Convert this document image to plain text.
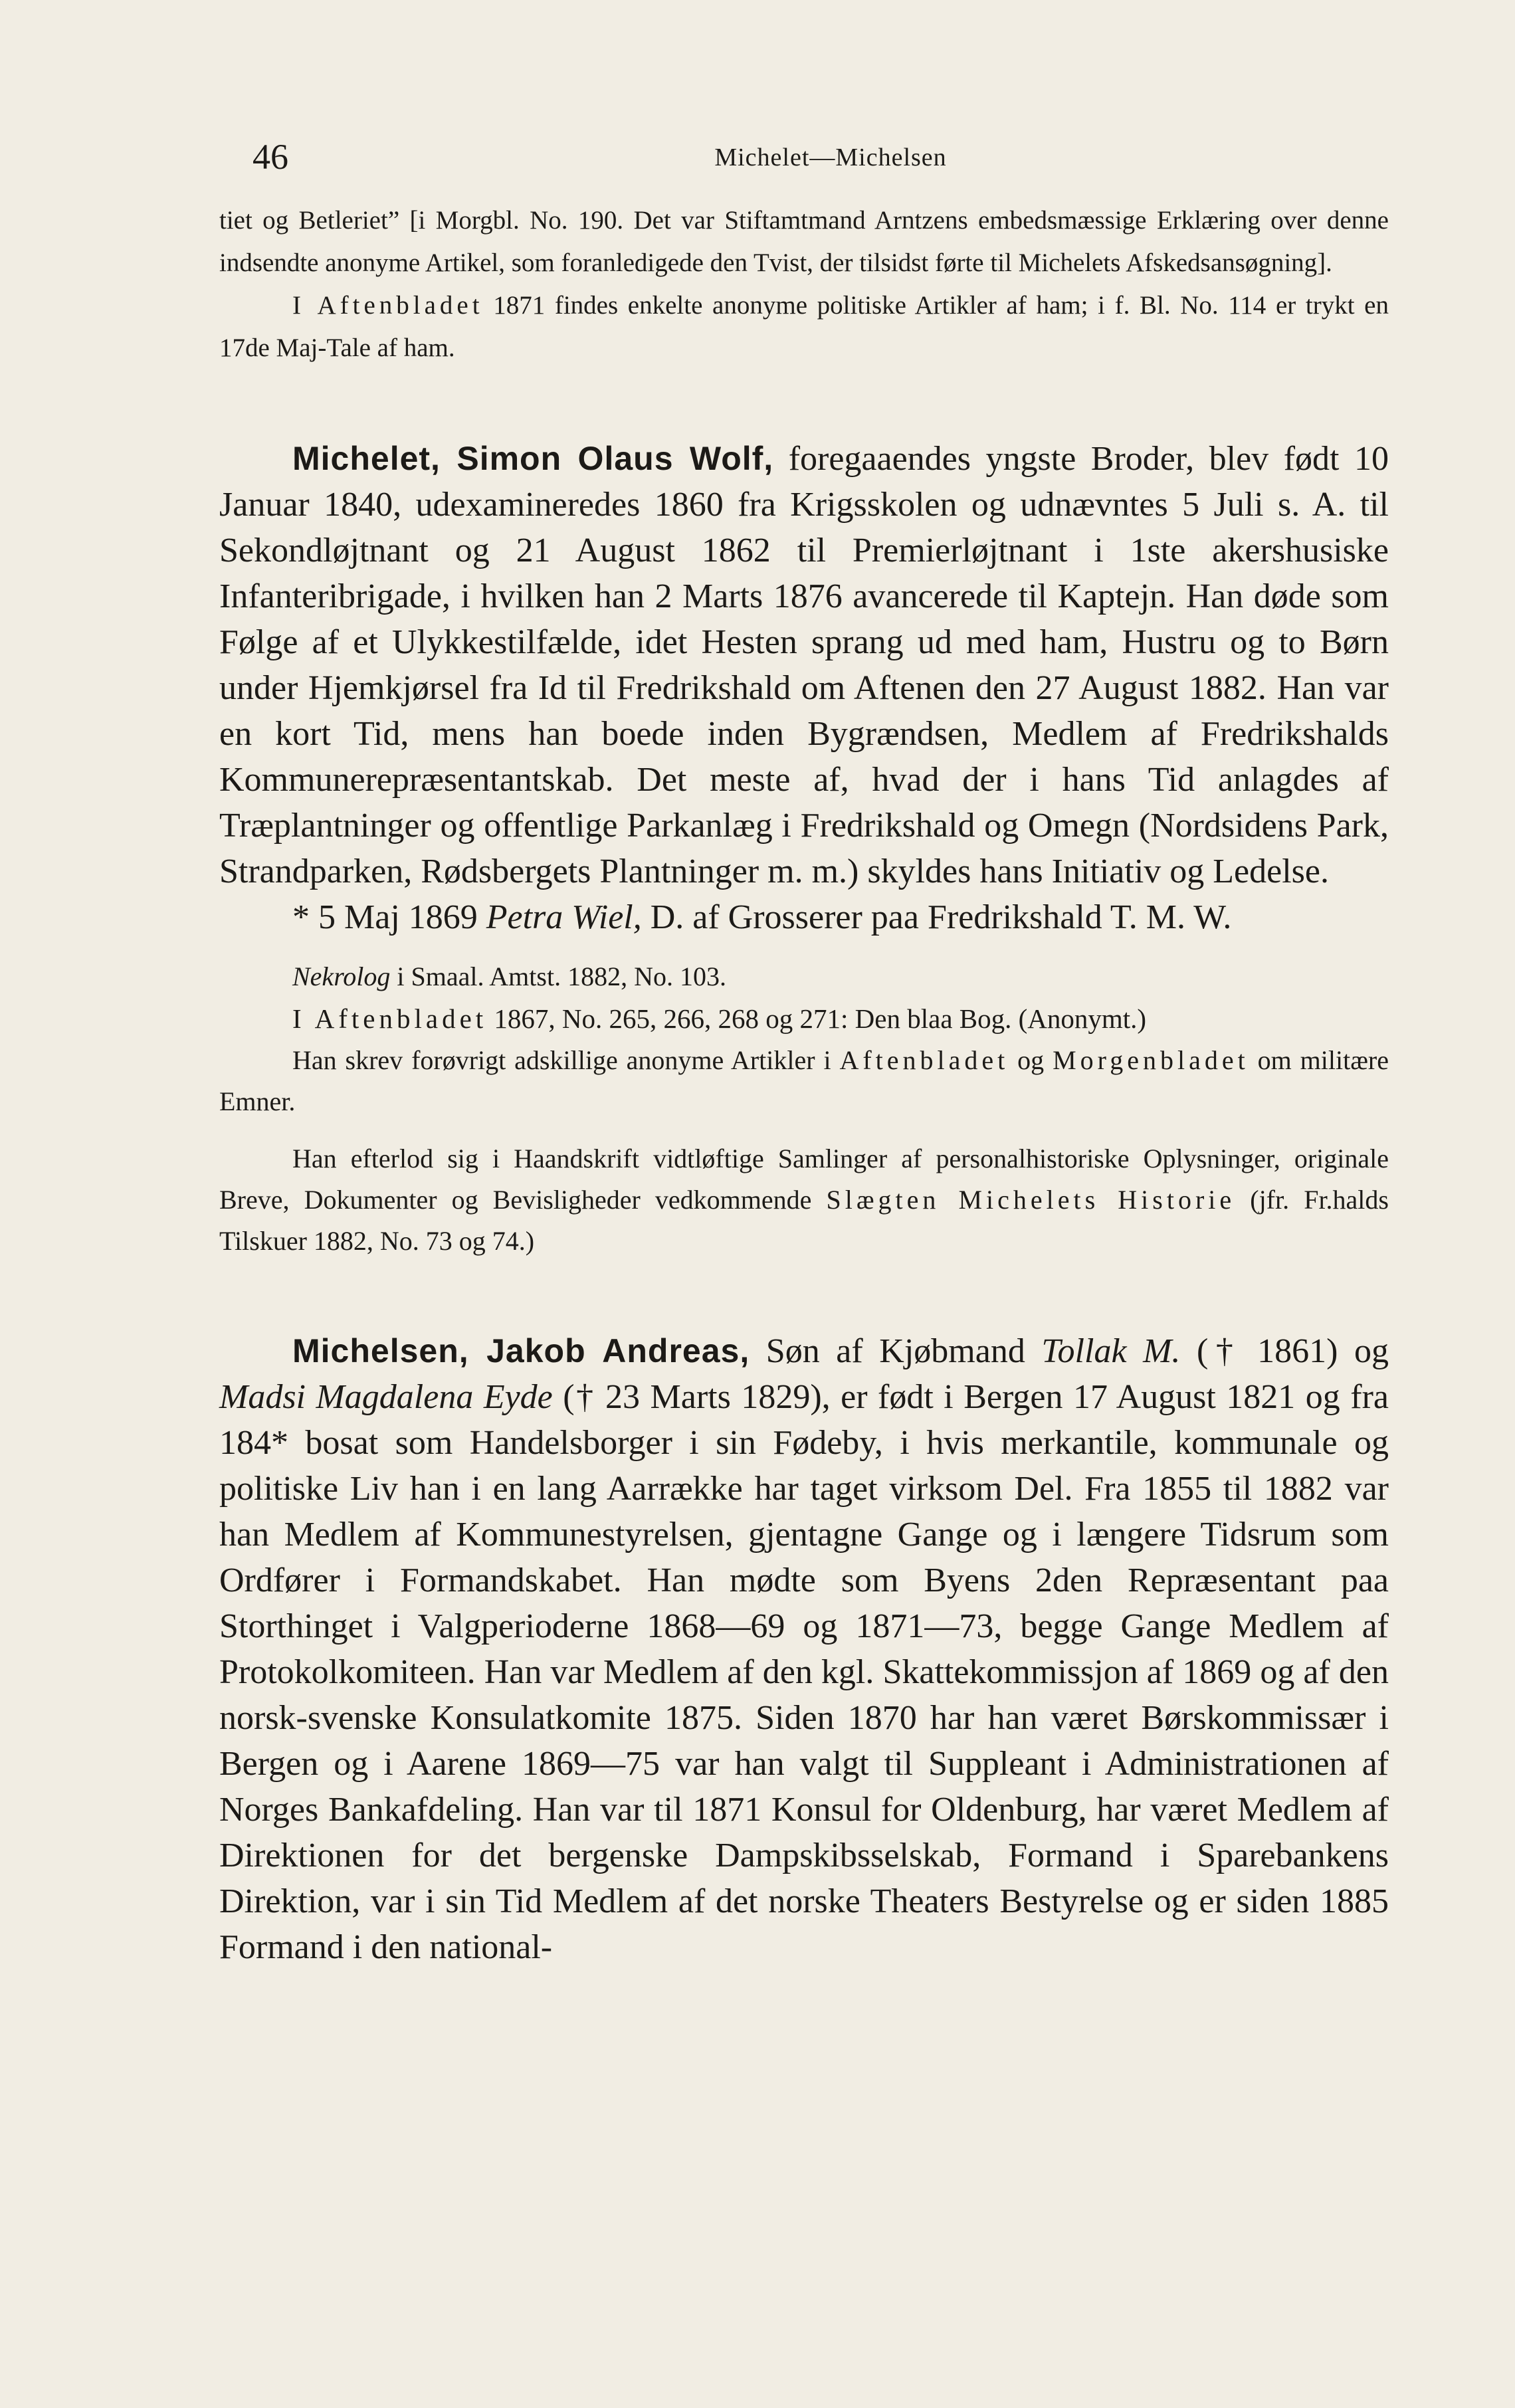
46	Michelet—Michelsen

tiet og Betleriet” [i Morgbl. No. 190. Det var Stiftamtmand Arntzens embedsmæssige Erklæring over denne indsendte anonyme Artikel, som foranledigede den Tvist, der tilsidst førte til Michelets Afskedsansøgning].

I Aftenbladet 1871 findes enkelte anonyme politiske Artikler af ham; i f. Bl. No. 114 er trykt en 17de Maj-Tale af ham.

Michelet, Simon Olaus Wolf, foregaaendes yngste Broder, blev født 10 Januar 1840, udexamineredes 1860 fra Krigsskolen og udnævntes 5 Juli s. A. til Sekondløjtnant og 21 August 1862 til Premierløjtnant i 1ste akershusiske Infanteribrigade, i hvilken han 2 Marts 1876 avancerede til Kaptejn. Han døde som Følge af et Ulykkestilfælde, idet Hesten sprang ud med ham, Hustru og to Børn under Hjemkjørsel fra Id til Fredrikshald om Aftenen den 27 August 1882. Han var en kort Tid, mens han boede inden Bygrændsen, Medlem af Fredrikshalds Kommunerepræsentantskab. Det meste af, hvad der i hans Tid anlagdes af Træplantninger og offentlige Parkanlæg i Fredrikshald og Omegn (Nordsidens Park, Strandparken, Rødsbergets Plantninger m. m.) skyldes hans Initiativ og Ledelse.

* 5 Maj 1869 Petra Wiel, D. af Grosserer paa Fredrikshald T. M. W.

Nekrolog i Smaal. Amtst. 1882, No. 103.

I Aftenbladet 1867, No. 265, 266, 268 og 271: Den blaa Bog. (Anonymt.)

Han skrev forøvrigt adskillige anonyme Artikler i Aftenbladet og Morgenbladet om militære Emner.

Han efterlod sig i Haandskrift vidtløftige Samlinger af personalhistoriske Oplysninger, originale Breve, Dokumenter og Bevisligheder vedkommende Slægten Michelets Historie (jfr. Fr.halds Tilskuer 1882, No. 73 og 74.)

Michelsen, Jakob Andreas, Søn af Kjøbmand Tollak M. († 1861) og Madsi Magdalena Eyde († 23 Marts 1829), er født i Bergen 17 August 1821 og fra 184* bosat som Handelsborger i sin Fødeby, i hvis merkantile, kommunale og politiske Liv han i en lang Aarrække har taget virksom Del. Fra 1855 til 1882 var han Medlem af Kommunestyrelsen, gjentagne Gange og i længere Tidsrum som Ordfører i Formandskabet. Han mødte som Byens 2den Repræsentant paa Storthinget i Valgperioderne 1868—69 og 1871—73, begge Gange Medlem af Protokolkomiteen. Han var Medlem af den kgl. Skattekommissjon af 1869 og af den norsk-svenske Konsulatkomite 1875. Siden 1870 har han været Børskommissær i Bergen og i Aarene 1869—75 var han valgt til Suppleant i Administrationen af Norges Bankafdeling. Han var til 1871 Konsul for Oldenburg, har været Medlem af Direktionen for det bergenske Dampskibsselskab, Formand i Sparebankens Direktion, var i sin Tid Medlem af det norske Theaters Bestyrelse og er siden 1885 Formand i den national-
